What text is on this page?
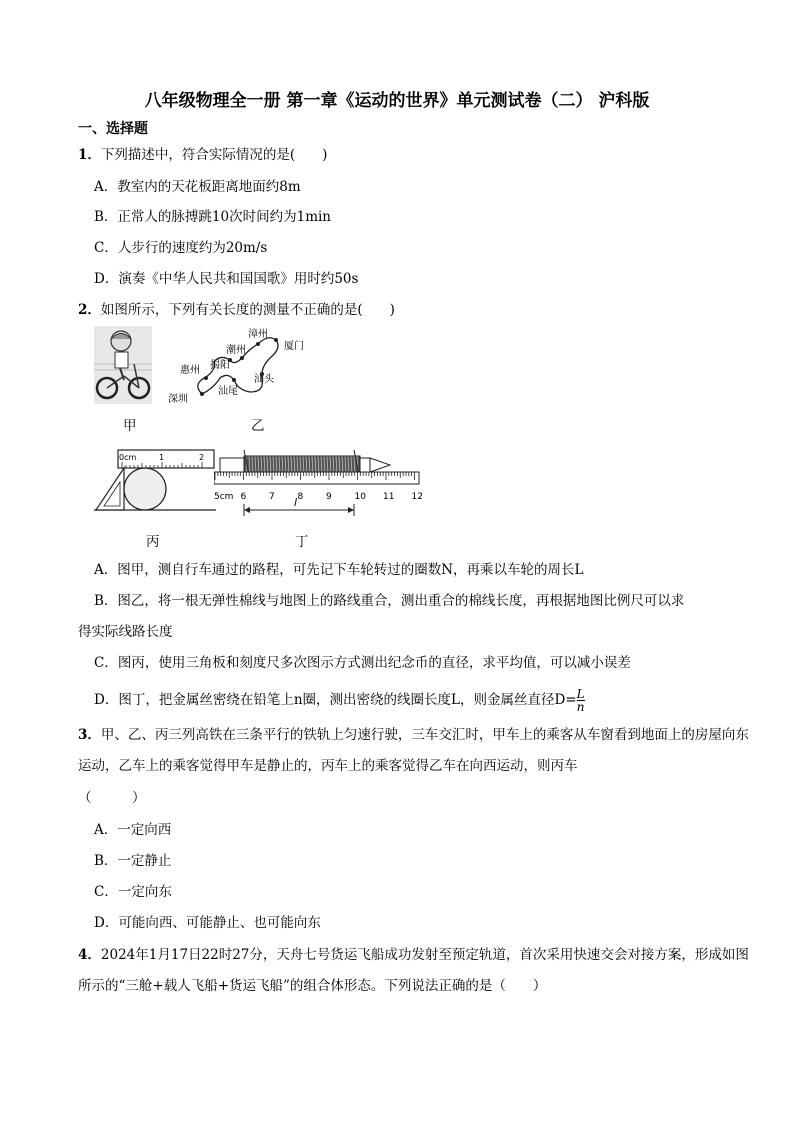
八年级物理全一册 第一章《运动的世界》单元测试卷（二） 沪科版
一、选择题
1．下列描述中，符合实际情况的是(　　)
A．教室内的天花板距离地面约8m
B．正常人的脉搏跳10次时间约为1min
C．人步行的速度约为20m/s
D．演奏《中华人民共和国国歌》用时约50s
2．如图所示，下列有关长度的测量不正确的是(　　)
甲
漳州
厦门
潮州
揭阳
惠州
汕头
汕尾
深圳
乙
0cm	1	2
丙
5cm 6	7	8	9	10 11 12
l
丁
A．图甲，测自行车通过的路程，可先记下车轮转过的圈数N，再乘以车轮的周长L
B．图乙，将一根无弹性棉线与地图上的路线重合，测出重合的棉线长度，再根据地图比例尺可以求
得实际线路长度
C．图丙，使用三角板和刻度尺多次图示方式测出纪念币的直径，求平均值，可以减小误差
D．图丁，把金属丝密绕在铅笔上n圈，测出密绕的线圈长度L，则金属丝直径$D= \frac{L}{n}$
3．甲、乙、丙三列高铁在三条平行的铁轨上匀速行驶，三车交汇时，甲车上的乘客从车窗看到地面上的房屋向东运动，乙车上的乘客觉得甲车是静止的，丙车上的乘客觉得乙车在向西运动，则丙车
（　　　）
A．一定向西
B．一定静止
C．一定向东
D．可能向西、可能静止、也可能向东
4．2024年1月17日22时27分，天舟七号货运飞船成功发射至预定轨道，首次采用快速交会对接方案，形成如图所示的“三舱+载人飞船+货运飞船”的组合体形态。下列说法正确的是（　　）
